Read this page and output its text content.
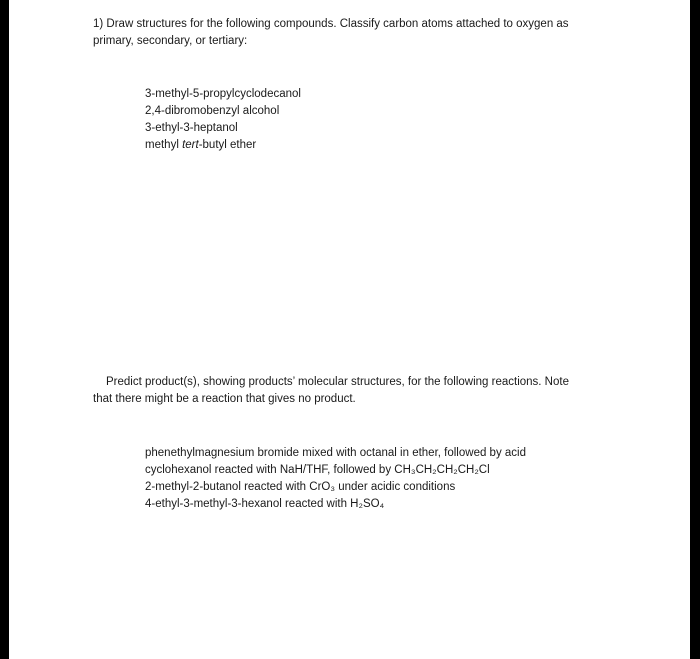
1) Draw structures for the following compounds. Classify carbon atoms attached to oxygen as
primary, secondary, or tertiary:
3-methyl-5-propylcyclodecanol
2,4-dibromobenzyl alcohol
3-ethyl-3-heptanol
methyl tert-butyl ether
Predict product(s), showing products’ molecular structures, for the following reactions. Note
that there might be a reaction that gives no product.
phenethylmagnesium bromide mixed with octanal in ether, followed by acid
cyclohexanol reacted with NaH/THF, followed by CH₃CH₂CH₂CH₂Cl
2-methyl-2-butanol reacted with CrO₃ under acidic conditions
4-ethyl-3-methyl-3-hexanol reacted with H₂SO₄
